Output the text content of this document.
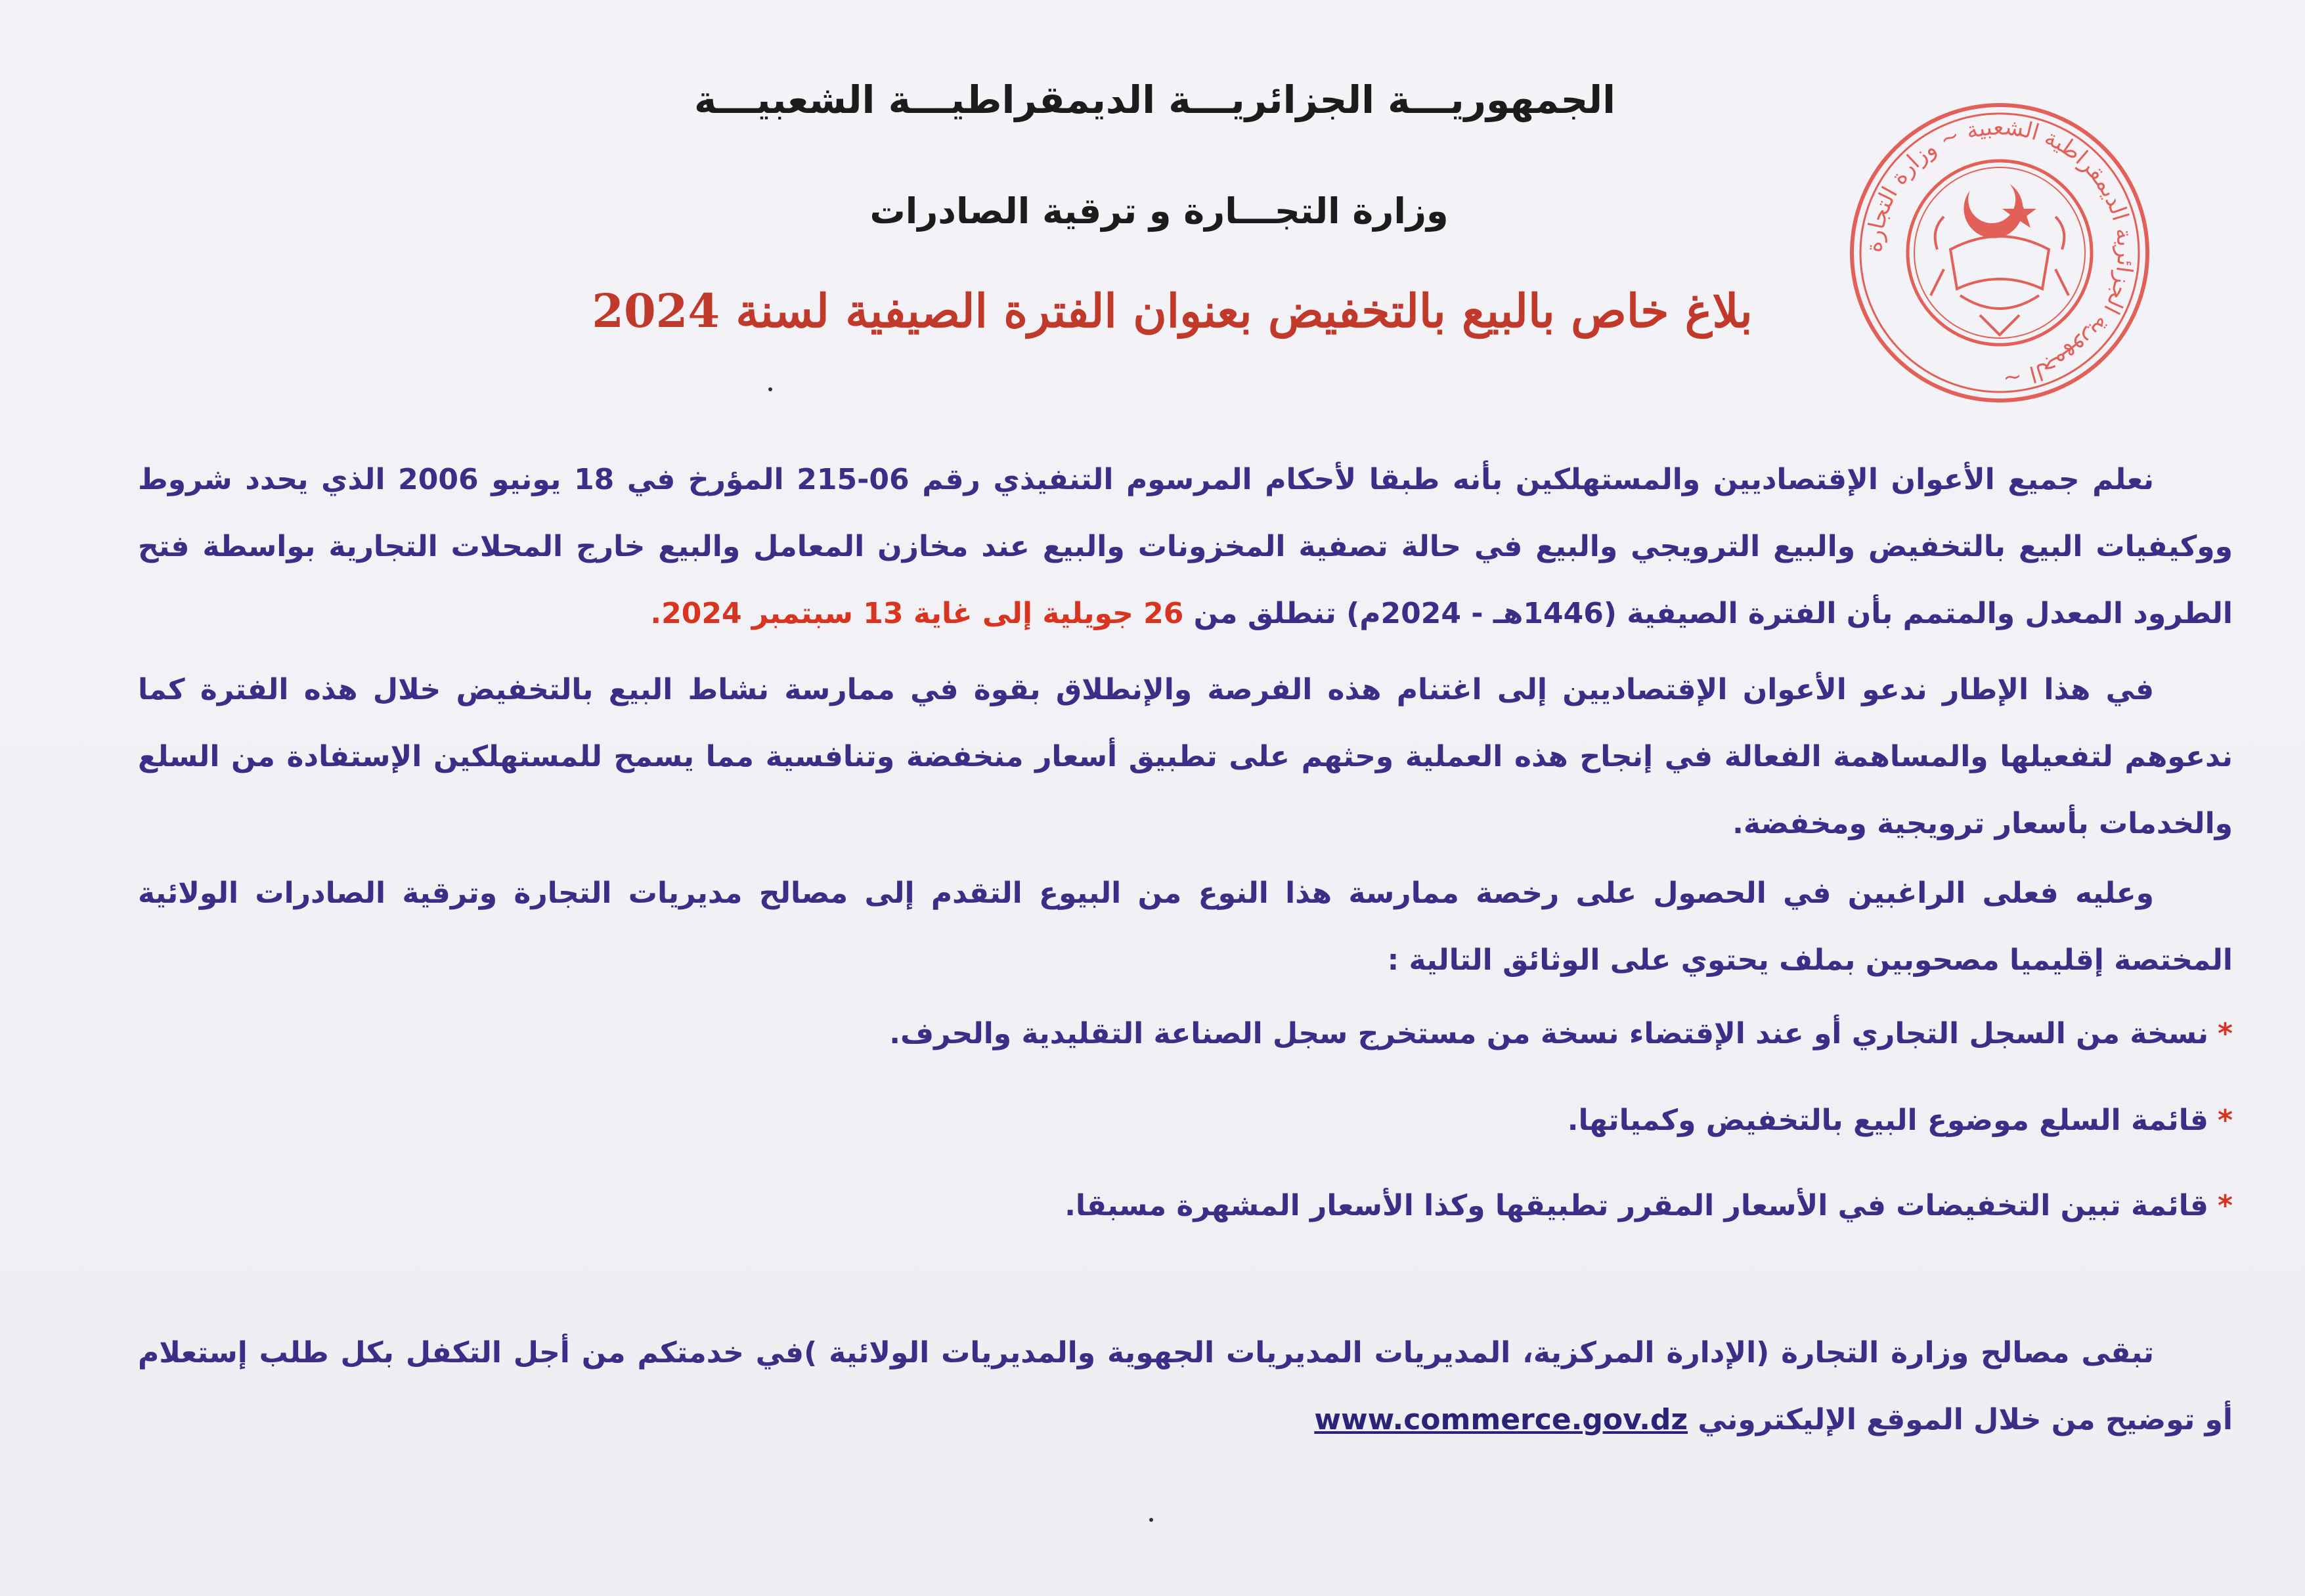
الجمهورية الجزائرية الديمقراطية الشعبية ~ وزارة التجارة ~
الجمهوريـــة الجزائريـــة الديمقراطيـــة الشعبيـــة
وزارة التجـــارة و ترقية الصادرات
بلاغ خاص بالبيع بالتخفيض بعنوان الفترة الصيفية لسنة 2024
نعلم جميع الأعوان الإقتصاديين والمستهلكين بأنه طبقا لأحكام المرسوم التنفيذي رقم 06-215 المؤرخ في 18 يونيو 2006 الذي يحدد شروط ووكيفيات البيع بالتخفيض والبيع الترويجي والبيع في حالة تصفية المخزونات والبيع عند مخازن المعامل والبيع خارج المحلات التجارية بواسطة فتح الطرود المعدل والمتمم بأن الفترة الصيفية (1446هـ - 2024م) تنطلق من 26 جويلية إلى غاية 13 سبتمبر 2024.
في هذا الإطار ندعو الأعوان الإقتصاديين إلى اغتنام هذه الفرصة والإنطلاق بقوة في ممارسة نشاط البيع بالتخفيض خلال هذه الفترة كما ندعوهم لتفعيلها والمساهمة الفعالة في إنجاح هذه العملية وحثهم على تطبيق أسعار منخفضة وتنافسية مما يسمح للمستهلكين الإستفادة من السلع والخدمات بأسعار ترويجية ومخفضة.
وعليه فعلى الراغبين في الحصول على رخصة ممارسة هذا النوع من البيوع التقدم إلى مصالح مديريات التجارة وترقية الصادرات الولائية المختصة إقليميا مصحوبين بملف يحتوي على الوثائق التالية :
*نسخة من السجل التجاري أو عند الإقتضاء نسخة من مستخرج سجل الصناعة التقليدية والحرف.
*قائمة السلع موضوع البيع بالتخفيض وكمياتها.
*قائمة تبين التخفيضات في الأسعار المقرر تطبيقها وكذا الأسعار المشهرة مسبقا.
تبقى مصالح وزارة التجارة (الإدارة المركزية، المديريات المديريات الجهوية والمديريات الولائية )في خدمتكم من أجل التكفل بكل طلب إستعلام أو توضيح من خلال الموقع الإليكتروني www.commerce.gov.dz
